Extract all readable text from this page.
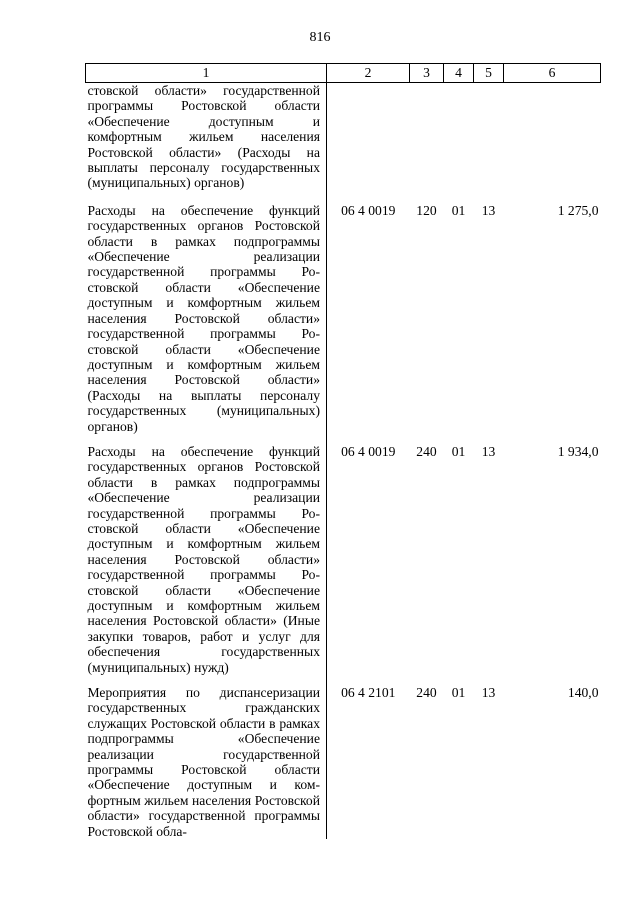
816
1	2	3	4	5	6
стовской области» государственной программы Ростовской области «Обеспечение доступным и комфортным жильем населения Ростовской области» (Расходы на выплаты персоналу государственных (муниципальных) органов)					
Расходы на обеспечение функций государственных органов Ростовской области в рамках подпрограммы «Обеспечение реализации государственной программы Ростовской области «Обеспечение доступным и комфортным жильем населения Ростовской области» государственной программы Ростовской области «Обеспечение доступным и комфортным жильем населения Ростовской области» (Расходы на выплаты персоналу государственных (муниципальных) органов)	06 4 0019	120	01	13	1 275,0
Расходы на обеспечение функций государственных органов Ростовской области в рамках подпрограммы «Обеспечение реализации государственной программы Ростовской области «Обеспечение доступным и комфортным жильем населения Ростовской области» государственной программы Ростовской области «Обеспечение доступным и комфортным жильем населения Ростовской области» (Иные закупки товаров, работ и услуг для обеспечения государственных (муниципальных) нужд)	06 4 0019	240	01	13	1 934,0
Мероприятия по диспансеризации государственных гражданских служащих Ростовской области в рамках подпрограммы «Обеспечение реализации государственной программы Ростовской области «Обеспечение доступным и комфортным жильем населения Ростовской области» государственной программы Ростовской обла-	06 4 2101	240	01	13	140,0
